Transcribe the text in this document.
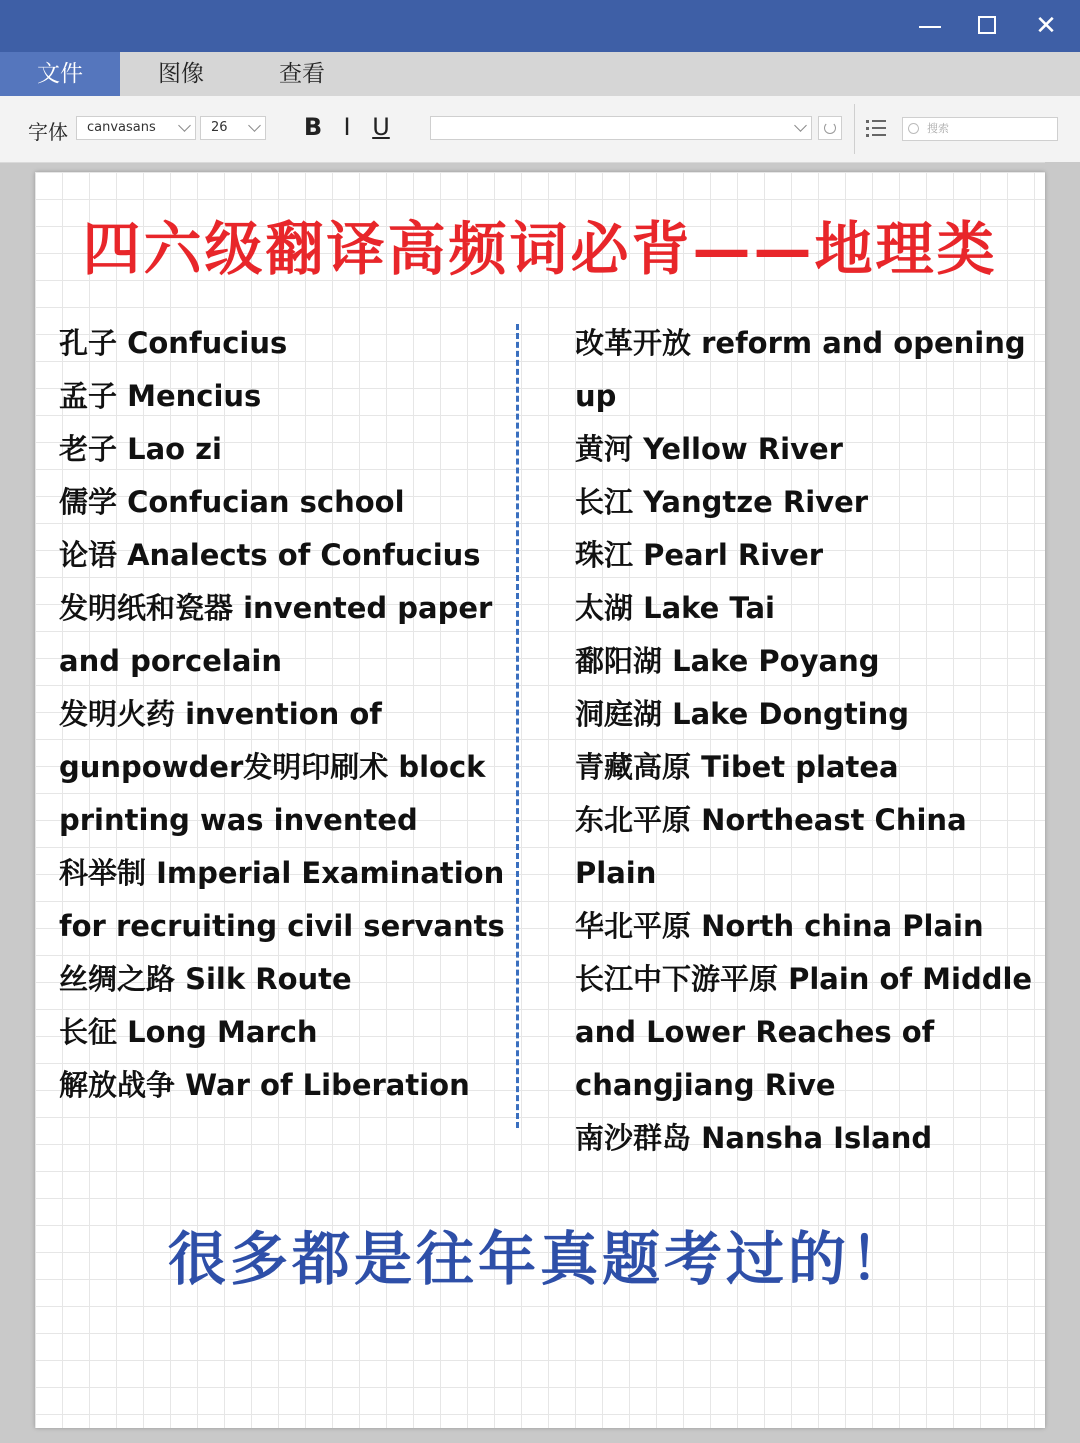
✕
文件	图像	查看
字体	canvasans	26	B I U	搜索
四六级翻译高频词必背——地理类
孔子 Confucius
孟子 Mencius
老子 Lao zi
儒学 Confucian school
论语 Analects of Confucius
发明纸和瓷器 invented paper and porcelain
发明火药 invention of gunpowder发明印刷术 block printing was invented
科举制 Imperial Examination for recruiting civil servants
丝绸之路 Silk Route
长征 Long March
解放战争 War of Liberation
改革开放 reform and opening up
黄河 Yellow River
长江 Yangtze River
珠江 Pearl River
太湖 Lake Tai
鄱阳湖 Lake Poyang
洞庭湖 Lake Dongting
青藏高原 Tibet platea
东北平原 Northeast China Plain
华北平原 North china Plain
长江中下游平原 Plain of Middle and Lower Reaches of changjiang Rive
南沙群岛 Nansha Island
很多都是往年真题考过的！
